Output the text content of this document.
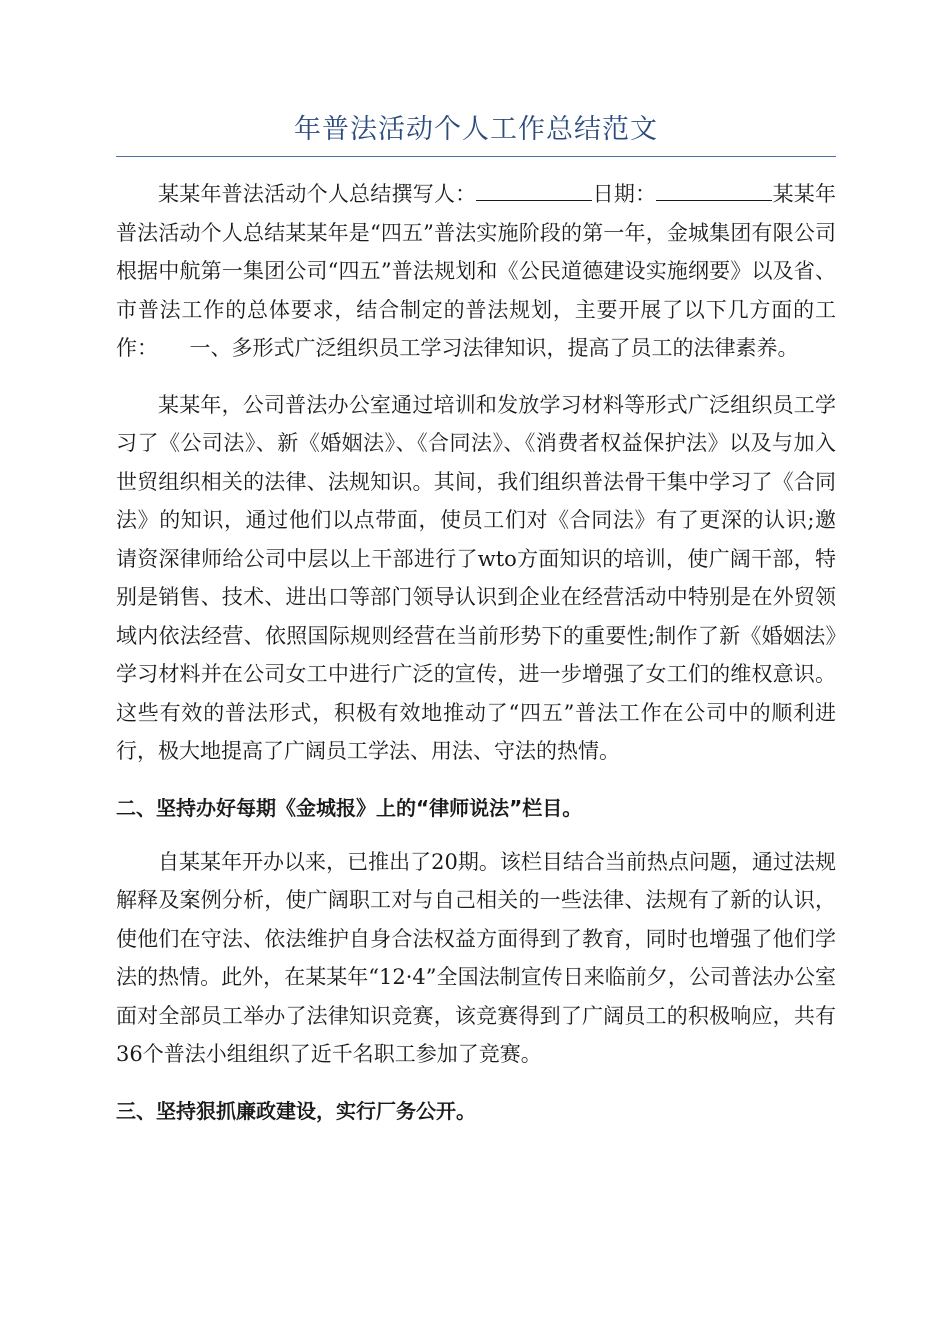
年普法活动个人工作总结范文

某某年普法活动个人总结撰写人：	日期：	某某年普法活动个人总结某某年是“四五”普法实施阶段的第一年，金城集团有限公司根据中航第一集团公司“四五”普法规划和《公民道德建设实施纲要》以及省、市普法工作的总体要求，结合制定的普法规划，主要开展了以下几方面的工作：　　一、多形式广泛组织员工学习法律知识，提高了员工的法律素养。

某某年，公司普法办公室通过培训和发放学习材料等形式广泛组织员工学习了《公司法》、新《婚姻法》、《合同法》、《消费者权益保护法》以及与加入世贸组织相关的法律、法规知识。其间，我们组织普法骨干集中学习了《合同法》的知识，通过他们以点带面，使员工们对《合同法》有了更深的认识;邀请资深律师给公司中层以上干部进行了wto方面知识的培训，使广阔干部，特别是销售、技术、进出口等部门领导认识到企业在经营活动中特别是在外贸领域内依法经营、依照国际规则经营在当前形势下的重要性;制作了新《婚姻法》学习材料并在公司女工中进行广泛的宣传，进一步增强了女工们的维权意识。这些有效的普法形式，积极有效地推动了“四五”普法工作在公司中的顺利进行，极大地提高了广阔员工学法、用法、守法的热情。

二、坚持办好每期《金城报》上的“律师说法”栏目。

自某某年开办以来，已推出了20期。该栏目结合当前热点问题，通过法规解释及案例分析，使广阔职工对与自己相关的一些法律、法规有了新的认识，使他们在守法、依法维护自身合法权益方面得到了教育，同时也增强了他们学法的热情。此外，在某某年“12·4”全国法制宣传日来临前夕，公司普法办公室面对全部员工举办了法律知识竞赛，该竞赛得到了广阔员工的积极响应，共有36个普法小组组织了近千名职工参加了竞赛。

三、坚持狠抓廉政建设，实行厂务公开。
